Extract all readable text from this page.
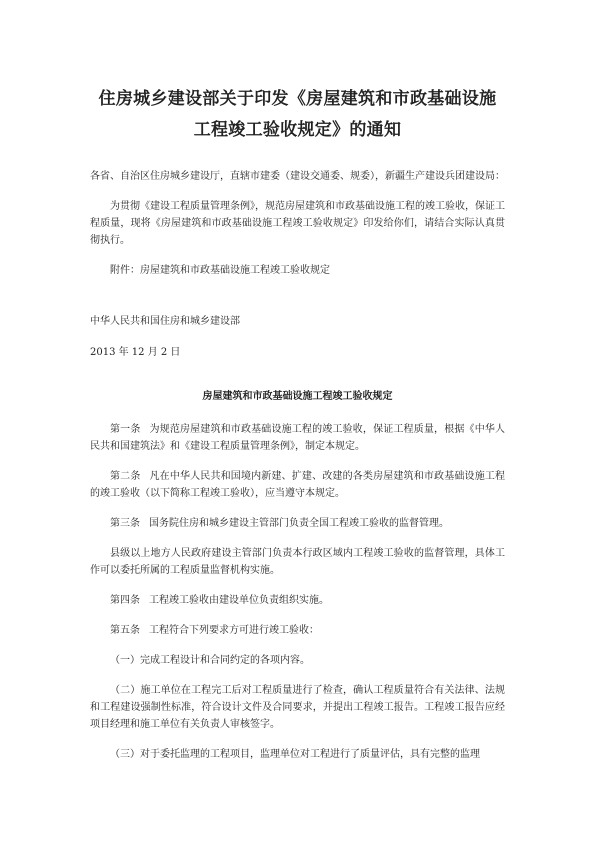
住房城乡建设部关于印发《房屋建筑和市政基础设施
工程竣工验收规定》的通知

各省、自治区住房城乡建设厅，直辖市建委（建设交通委、规委），新疆生产建设兵团建设局：

为贯彻《建设工程质量管理条例》，规范房屋建筑和市政基础设施工程的竣工验收，保证工程质量，现将《房屋建筑和市政基础设施工程竣工验收规定》印发给你们，请结合实际认真贯彻执行。

附件：房屋建筑和市政基础设施工程竣工验收规定

中华人民共和国住房和城乡建设部

2013 年 12 月 2 日

房屋建筑和市政基础设施工程竣工验收规定

第一条 为规范房屋建筑和市政基础设施工程的竣工验收，保证工程质量，根据《中华人民共和国建筑法》和《建设工程质量管理条例》，制定本规定。

第二条 凡在中华人民共和国境内新建、扩建、改建的各类房屋建筑和市政基础设施工程的竣工验收（以下简称工程竣工验收），应当遵守本规定。

第三条 国务院住房和城乡建设主管部门负责全国工程竣工验收的监督管理。

县级以上地方人民政府建设主管部门负责本行政区域内工程竣工验收的监督管理，具体工作可以委托所属的工程质量监督机构实施。

第四条 工程竣工验收由建设单位负责组织实施。

第五条 工程符合下列要求方可进行竣工验收：

（一）完成工程设计和合同约定的各项内容。

（二）施工单位在工程完工后对工程质量进行了检查，确认工程质量符合有关法律、法规和工程建设强制性标准，符合设计文件及合同要求，并提出工程竣工报告。工程竣工报告应经项目经理和施工单位有关负责人审核签字。

（三）对于委托监理的工程项目，监理单位对工程进行了质量评估，具有完整的监理
